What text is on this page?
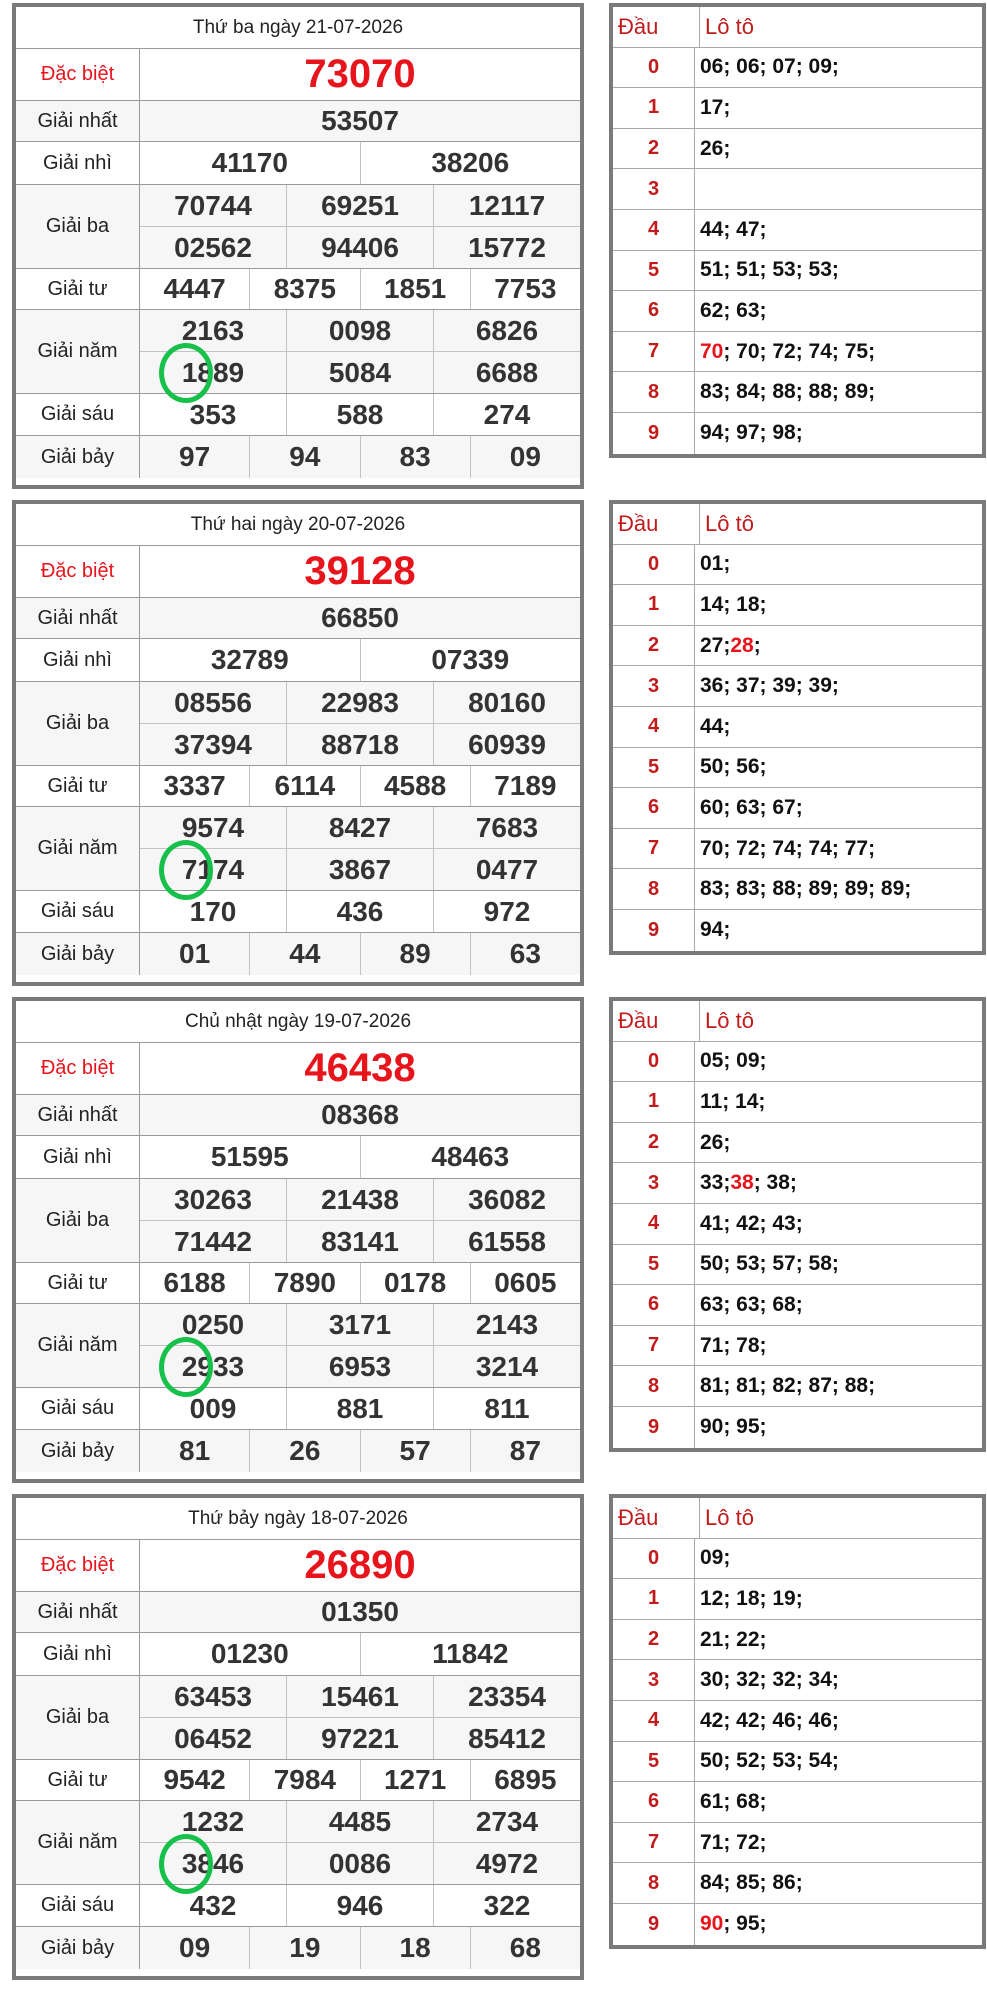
Thứ ba ngày 21-07-2026
Đặc biệt	73070
Giải nhất	53507
Giải nhì	41170	38206
Giải ba
70744	69251	12117
02562	94406	15772
Giải tư	4447	8375	1851	7753
Giải năm
2163	0098	6826
1889	5084	6688
Giải sáu	353	588	274
Giải bảy	97	94	83	09
Đầu	Lô tô
0	06; 06; 07; 09;
1	17;
2	26;
3
4	44; 47;
5	51; 51; 53; 53;
6	62; 63;
7	70 ; 70; 72; 74; 75;
8	83; 84; 88; 88; 89;
9	94; 97; 98;
Thứ hai ngày 20-07-2026
Đặc biệt	39128
Giải nhất	66850
Giải nhì	32789	07339
Giải ba
08556	22983	80160
37394	88718	60939
Giải tư	3337	6114	4588	7189
Giải năm
9574	8427	7683
7174	3867	0477
Giải sáu	170	436	972
Giải bảy	01	44	89	63
Đầu	Lô tô
0	01;
1	14; 18;
2	27; 28 ;
3	36; 37; 39; 39;
4	44;
5	50; 56;
6	60; 63; 67;
7	70; 72; 74; 74; 77;
8	83; 83; 88; 89; 89; 89;
9	94;
Chủ nhật ngày 19-07-2026
Đặc biệt	46438
Giải nhất	08368
Giải nhì	51595	48463
Giải ba
30263	21438	36082
71442	83141	61558
Giải tư	6188	7890	0178	0605
Giải năm
0250	3171	2143
2933	6953	3214
Giải sáu	009	881	811
Giải bảy	81	26	57	87
Đầu	Lô tô
0	05; 09;
1	11; 14;
2	26;
3	33; 38 ; 38;
4	41; 42; 43;
5	50; 53; 57; 58;
6	63; 63; 68;
7	71; 78;
8	81; 81; 82; 87; 88;
9	90; 95;
Thứ bảy ngày 18-07-2026
Đặc biệt	26890
Giải nhất	01350
Giải nhì	01230	11842
Giải ba
63453	15461	23354
06452	97221	85412
Giải tư	9542	7984	1271	6895
Giải năm
1232	4485	2734
3846	0086	4972
Giải sáu	432	946	322
Giải bảy	09	19	18	68
Đầu	Lô tô
0	09;
1	12; 18; 19;
2	21; 22;
3	30; 32; 32; 34;
4	42; 42; 46; 46;
5	50; 52; 53; 54;
6	61; 68;
7	71; 72;
8	84; 85; 86;
9	90 ; 95;
